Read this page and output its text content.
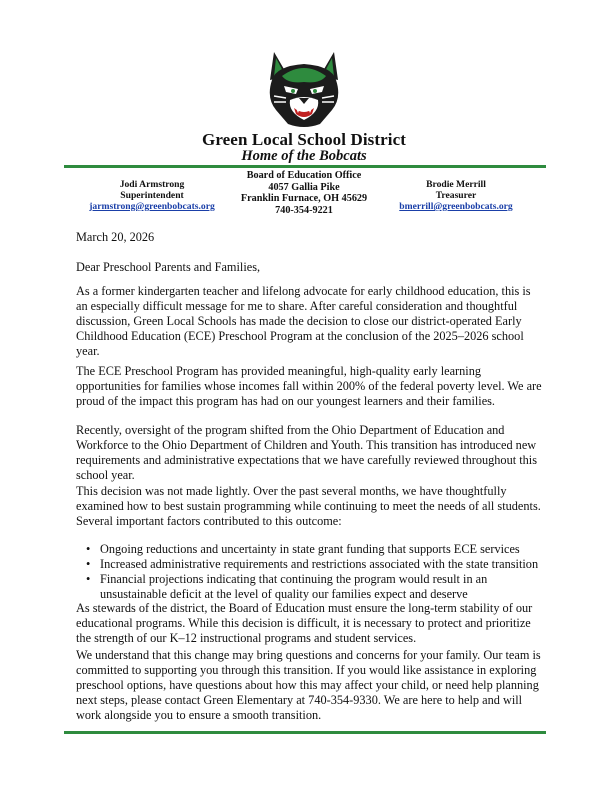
Green Local School District
Home of the Bobcats
Jodi Armstrong
Superintendent
jarmstrong@greenbobcats.org
Board of Education Office
4057 Gallia Pike
Franklin Furnace, OH 45629
740-354-9221
Brodie Merrill
Treasurer
bmerrill@greenbobcats.org

March 20, 2026

Dear Preschool Parents and Families,

As a former kindergarten teacher and lifelong advocate for early childhood education, this is an especially difficult message for me to share. After careful consideration and thoughtful discussion, Green Local Schools has made the decision to close our district-operated Early Childhood Education (ECE) Preschool Program at the conclusion of the 2025–2026 school year.

The ECE Preschool Program has provided meaningful, high-quality early learning opportunities for families whose incomes fall within 200% of the federal poverty level. We are proud of the impact this program has had on our youngest learners and their families.

Recently, oversight of the program shifted from the Ohio Department of Education and Workforce to the Ohio Department of Children and Youth. This transition has introduced new requirements and administrative expectations that we have carefully reviewed throughout this school year.

This decision was not made lightly. Over the past several months, we have thoughtfully examined how to best sustain programming while continuing to meet the needs of all students. Several important factors contributed to this outcome:

• Ongoing reductions and uncertainty in state grant funding that supports ECE services
• Increased administrative requirements and restrictions associated with the state transition
• Financial projections indicating that continuing the program would result in an unsustainable deficit at the level of quality our families expect and deserve

As stewards of the district, the Board of Education must ensure the long-term stability of our educational programs. While this decision is difficult, it is necessary to protect and prioritize the strength of our K–12 instructional programs and student services.

We understand that this change may bring questions and concerns for your family. Our team is committed to supporting you through this transition. If you would like assistance in exploring preschool options, have questions about how this may affect your child, or need help planning next steps, please contact Green Elementary at 740-354-9330. We are here to help and will work alongside you to ensure a smooth transition.
